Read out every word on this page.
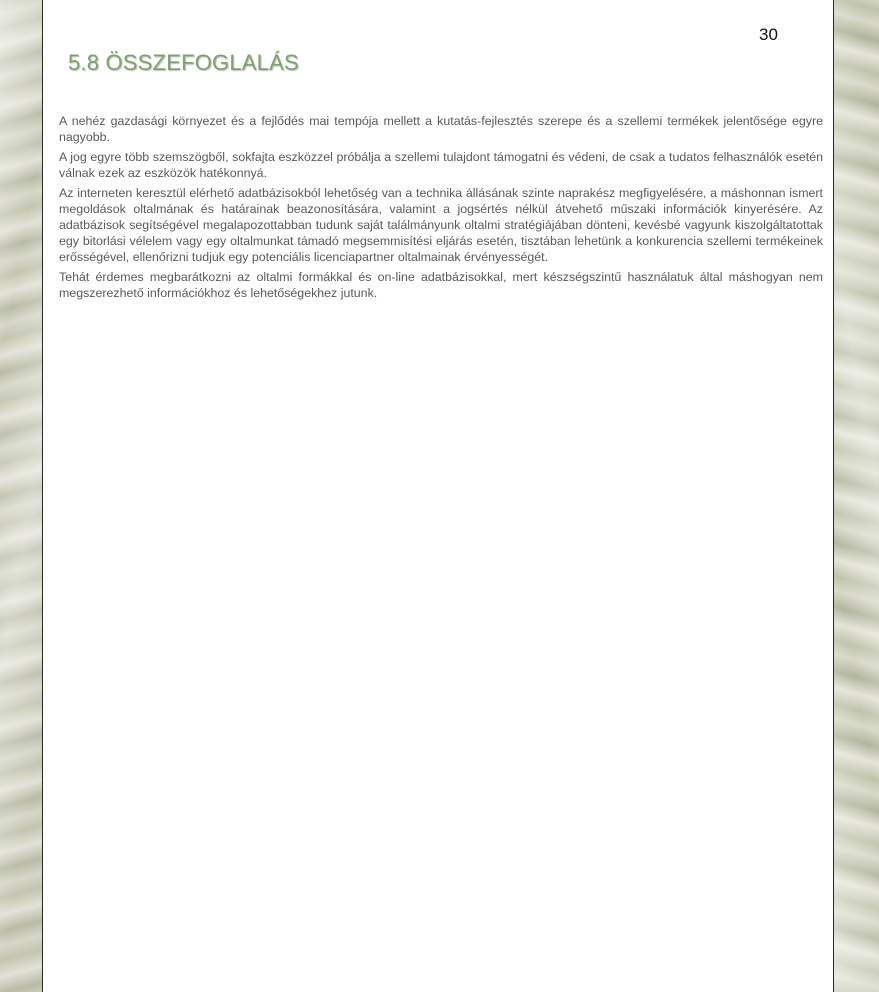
30
5.8 ÖSSZEFOGLALÁS

A nehéz gazdasági környezet és a fejlődés mai tempója mellett a kutatás-fejlesztés szerepe és a szellemi termékek jelentősége egyre nagyobb.

A jog egyre több szemszögből, sokfajta eszközzel próbálja a szellemi tulajdont támogatni és védeni, de csak a tudatos felhasználók esetén válnak ezek az eszközök hatékonnyá.

Az interneten keresztül elérhető adatbázisokból lehetőség van a technika állásának szinte naprakész megfigyelésére, a máshonnan ismert megoldások oltalmának és határainak beazonosítására, valamint a jogsértés nélkül átvehető műszaki információk kinyerésére. Az adatbázisok segítségével megalapozottabban tudunk saját találmányunk oltalmi stratégiájában dönteni, kevésbé vagyunk kiszolgáltatottak egy bitorlási vélelem vagy egy oltalmunkat támadó megsemmisítési eljárás esetén, tisztában lehetünk a konkurencia szellemi termékeinek erősségével, ellenőrizni tudjuk egy potenciális licenciapartner oltalmainak érvényességét.

Tehát érdemes megbarátkozni az oltalmi formákkal és on-line adatbázisokkal, mert készségszintű használatuk által máshogyan nem megszerezhető információkhoz és lehetőségekhez jutunk.
